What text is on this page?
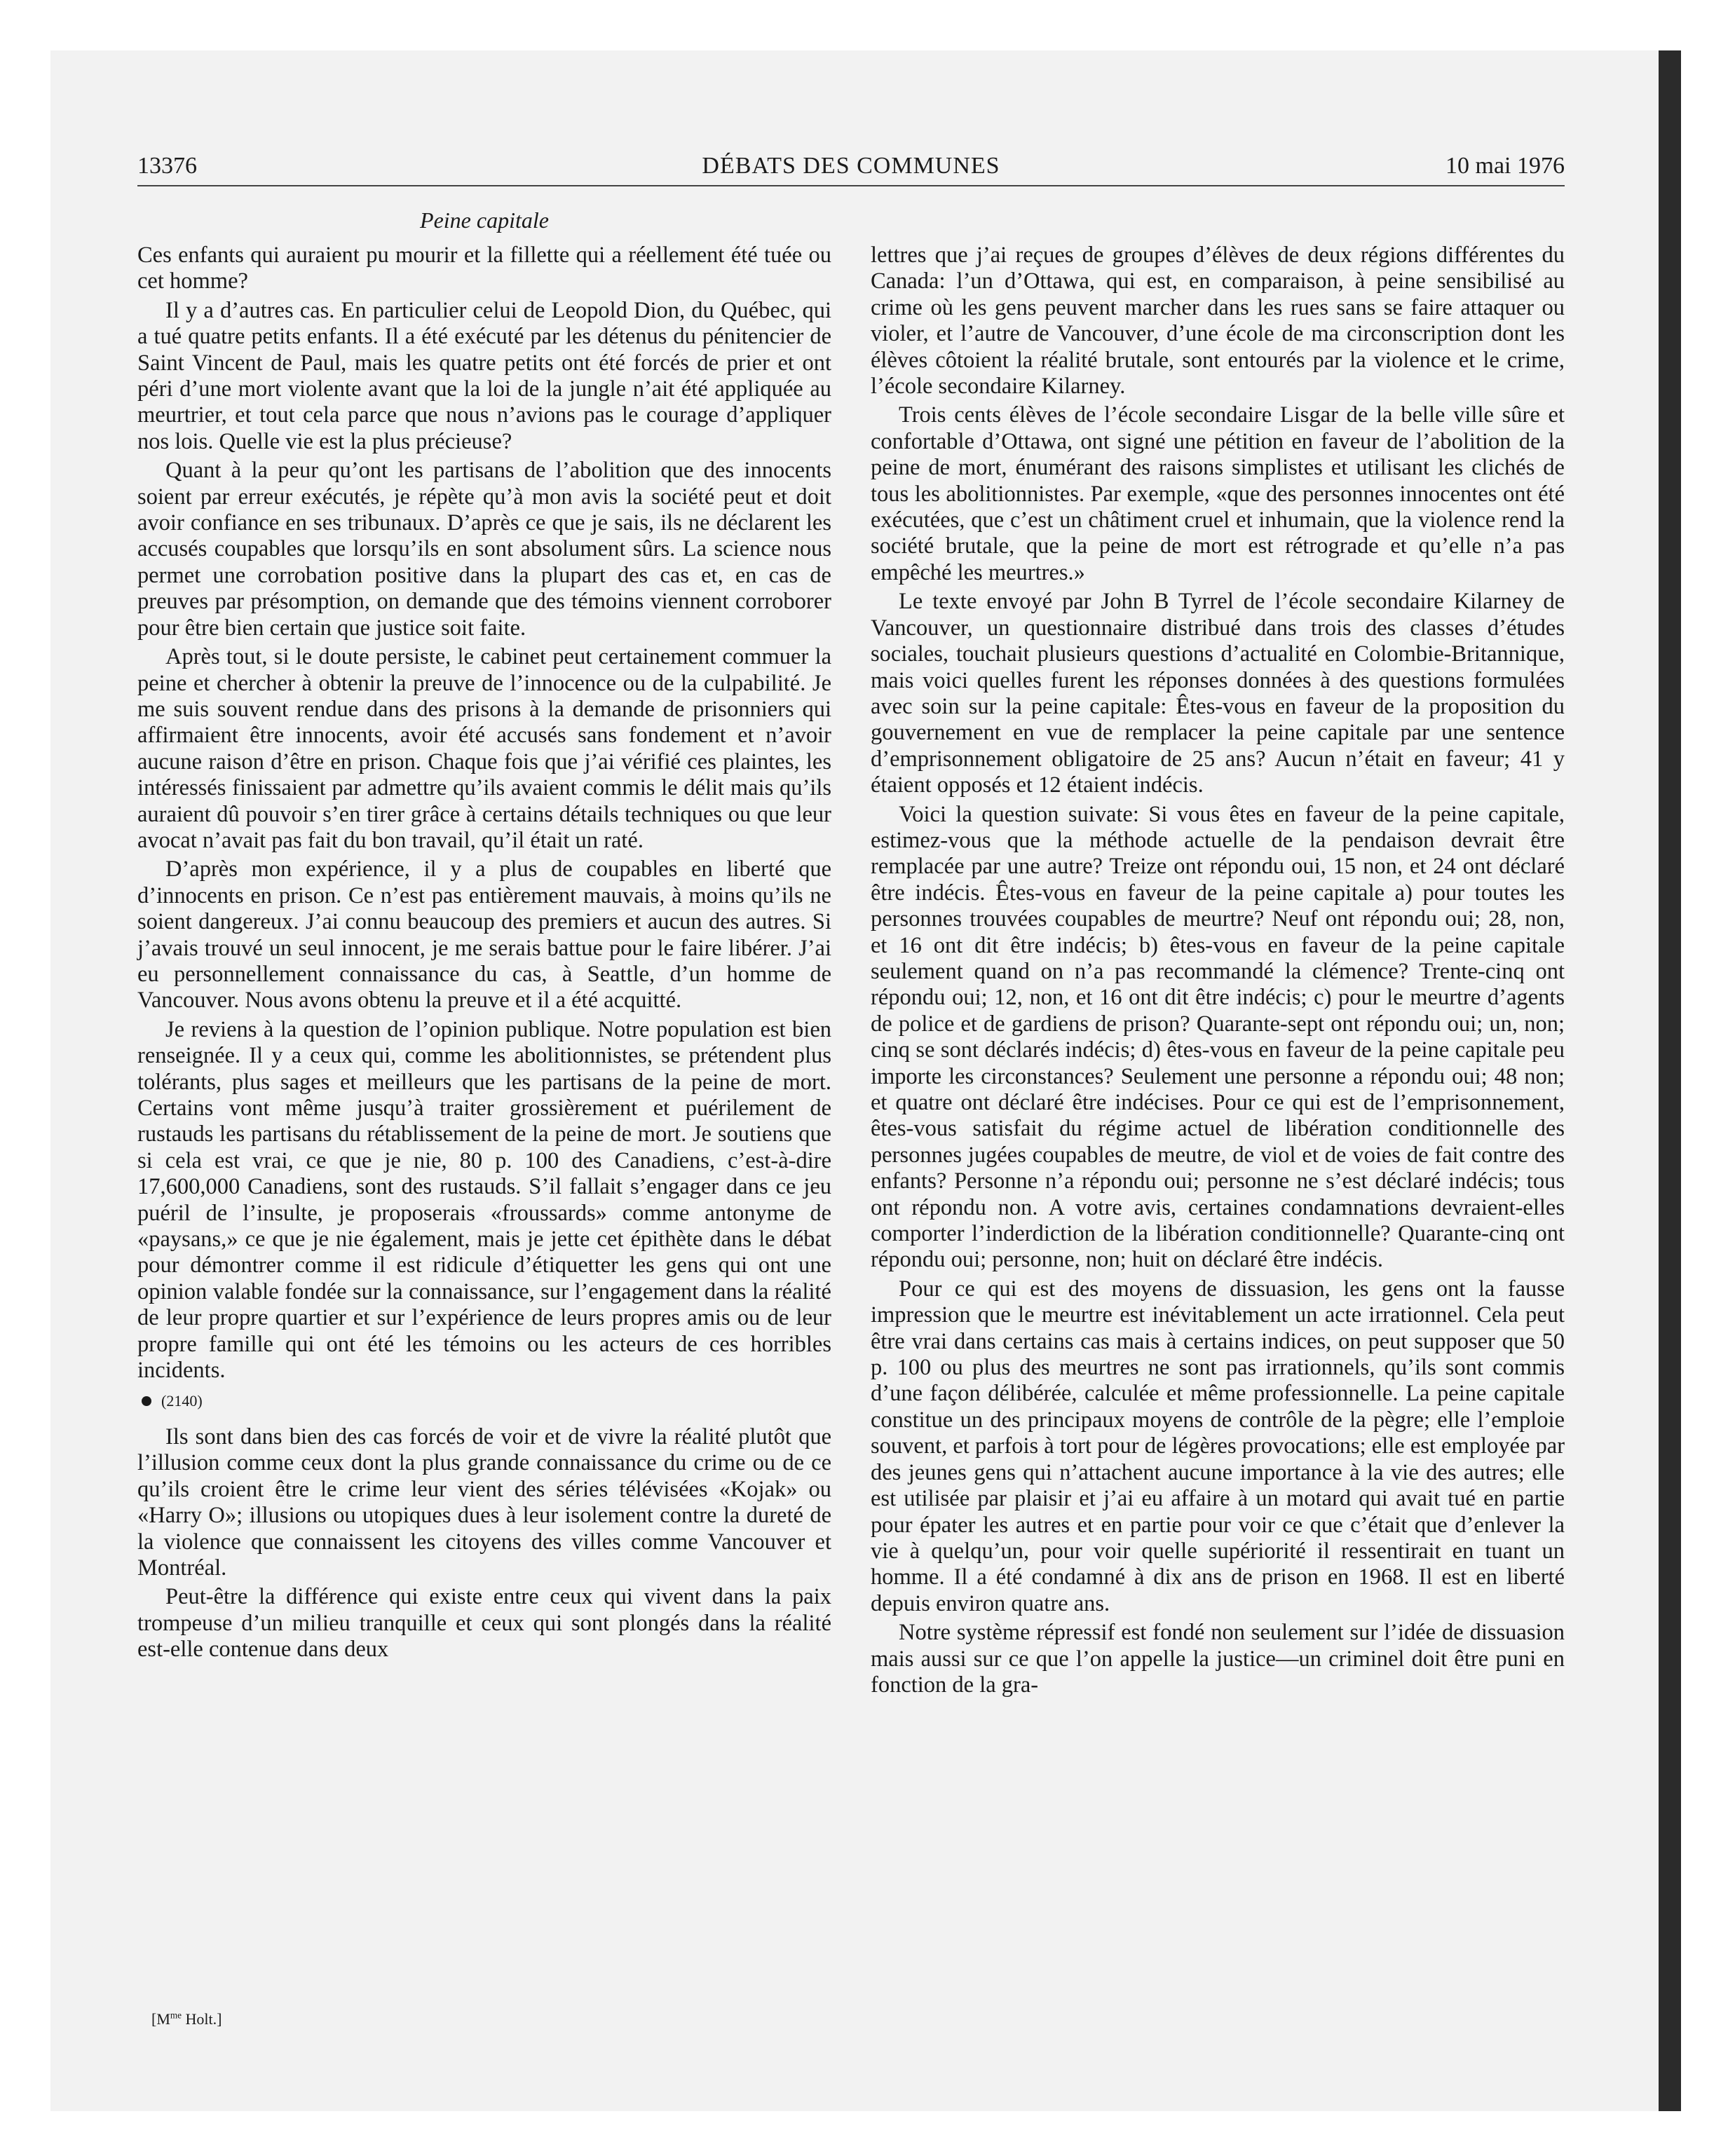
13376	DÉBATS DES COMMUNES	10 mai 1976
Peine capitale

Ces enfants qui auraient pu mourir et la fillette qui a réellement été tuée ou cet homme?

Il y a d’autres cas. En particulier celui de Leopold Dion, du Québec, qui a tué quatre petits enfants. Il a été exécuté par les détenus du pénitencier de Saint Vincent de Paul, mais les quatre petits ont été forcés de prier et ont péri d’une mort violente avant que la loi de la jungle n’ait été appliquée au meurtrier, et tout cela parce que nous n’avions pas le courage d’appliquer nos lois. Quelle vie est la plus précieuse?

Quant à la peur qu’ont les partisans de l’abolition que des innocents soient par erreur exécutés, je répète qu’à mon avis la société peut et doit avoir confiance en ses tribunaux. D’après ce que je sais, ils ne déclarent les accusés coupables que lorsqu’ils en sont absolument sûrs. La science nous permet une corrobation positive dans la plupart des cas et, en cas de preuves par présomption, on demande que des témoins viennent corroborer pour être bien certain que justice soit faite.

Après tout, si le doute persiste, le cabinet peut certainement commuer la peine et chercher à obtenir la preuve de l’innocence ou de la culpabilité. Je me suis souvent rendue dans des prisons à la demande de prisonniers qui affirmaient être innocents, avoir été accusés sans fondement et n’avoir aucune raison d’être en prison. Chaque fois que j’ai vérifié ces plaintes, les intéressés finissaient par admettre qu’ils avaient commis le délit mais qu’ils auraient dû pouvoir s’en tirer grâce à certains détails techniques ou que leur avocat n’avait pas fait du bon travail, qu’il était un raté.

D’après mon expérience, il y a plus de coupables en liberté que d’innocents en prison. Ce n’est pas entièrement mauvais, à moins qu’ils ne soient dangereux. J’ai connu beaucoup des premiers et aucun des autres. Si j’avais trouvé un seul innocent, je me serais battue pour le faire libérer. J’ai eu personnellement connaissance du cas, à Seattle, d’un homme de Vancouver. Nous avons obtenu la preuve et il a été acquitté.

Je reviens à la question de l’opinion publique. Notre population est bien renseignée. Il y a ceux qui, comme les abolitionnistes, se prétendent plus tolérants, plus sages et meilleurs que les partisans de la peine de mort. Certains vont même jusqu’à traiter grossièrement et puérilement de rustauds les partisans du rétablissement de la peine de mort. Je soutiens que si cela est vrai, ce que je nie, 80 p. 100 des Canadiens, c’est-à-dire 17,600,000 Canadiens, sont des rustauds. S’il fallait s’engager dans ce jeu puéril de l’insulte, je proposerais «froussards» comme antonyme de «paysans,» ce que je nie également, mais je jette cet épithète dans le débat pour démontrer comme il est ridicule d’étiquetter les gens qui ont une opinion valable fondée sur la connaissance, sur l’engagement dans la réalité de leur propre quartier et sur l’expérience de leurs propres amis ou de leur propre famille qui ont été les témoins ou les acteurs de ces horribles incidents.

(2140)

Ils sont dans bien des cas forcés de voir et de vivre la réalité plutôt que l’illusion comme ceux dont la plus grande connaissance du crime ou de ce qu’ils croient être le crime leur vient des séries télévisées «Kojak» ou «Harry O»; illusions ou utopiques dues à leur isolement contre la dureté de la violence que connaissent les citoyens des villes comme Vancouver et Montréal.

Peut-être la différence qui existe entre ceux qui vivent dans la paix trompeuse d’un milieu tranquille et ceux qui sont plongés dans la réalité est-elle contenue dans deux

[$M^{me}$ Holt.]

lettres que j’ai reçues de groupes d’élèves de deux régions différentes du Canada: l’un d’Ottawa, qui est, en comparaison, à peine sensibilisé au crime où les gens peuvent marcher dans les rues sans se faire attaquer ou violer, et l’autre de Vancouver, d’une école de ma circonscription dont les élèves côtoient la réalité brutale, sont entourés par la violence et le crime, l’école secondaire Kilarney.

Trois cents élèves de l’école secondaire Lisgar de la belle ville sûre et confortable d’Ottawa, ont signé une pétition en faveur de l’abolition de la peine de mort, énumérant des raisons simplistes et utilisant les clichés de tous les abolitionnistes. Par exemple, «que des personnes innocentes ont été exécutées, que c’est un châtiment cruel et inhumain, que la violence rend la société brutale, que la peine de mort est rétrograde et qu’elle n’a pas empêché les meurtres.»

Le texte envoyé par John B Tyrrel de l’école secondaire Kilarney de Vancouver, un questionnaire distribué dans trois des classes d’études sociales, touchait plusieurs questions d’actualité en Colombie-Britannique, mais voici quelles furent les réponses données à des questions formulées avec soin sur la peine capitale: Êtes-vous en faveur de la proposition du gouvernement en vue de remplacer la peine capitale par une sentence d’emprisonnement obligatoire de 25 ans? Aucun n’était en faveur; 41 y étaient opposés et 12 étaient indécis.

Voici la question suivate: Si vous êtes en faveur de la peine capitale, estimez-vous que la méthode actuelle de la pendaison devrait être remplacée par une autre? Treize ont répondu oui, 15 non, et 24 ont déclaré être indécis. Êtes-vous en faveur de la peine capitale a) pour toutes les personnes trouvées coupables de meurtre? Neuf ont répondu oui; 28, non, et 16 ont dit être indécis; b) êtes-vous en faveur de la peine capitale seulement quand on n’a pas recommandé la clémence? Trente-cinq ont répondu oui; 12, non, et 16 ont dit être indécis; c) pour le meurtre d’agents de police et de gardiens de prison? Quarante-sept ont répondu oui; un, non; cinq se sont déclarés indécis; d) êtes-vous en faveur de la peine capitale peu importe les circonstances? Seulement une personne a répondu oui; 48 non; et quatre ont déclaré être indécises. Pour ce qui est de l’emprisonnement, êtes-vous satisfait du régime actuel de libération conditionnelle des personnes jugées coupables de meutre, de viol et de voies de fait contre des enfants? Personne n’a répondu oui; personne ne s’est déclaré indécis; tous ont répondu non. A votre avis, certaines condamnations devraient-elles comporter l’inderdiction de la libération conditionnelle? Quarante-cinq ont répondu oui; personne, non; huit on déclaré être indécis.

Pour ce qui est des moyens de dissuasion, les gens ont la fausse impression que le meurtre est inévitablement un acte irrationnel. Cela peut être vrai dans certains cas mais à certains indices, on peut supposer que 50 p. 100 ou plus des meurtres ne sont pas irrationnels, qu’ils sont commis d’une façon délibérée, calculée et même professionnelle. La peine capitale constitue un des principaux moyens de contrôle de la pègre; elle l’emploie souvent, et parfois à tort pour de légères provocations; elle est employée par des jeunes gens qui n’attachent aucune importance à la vie des autres; elle est utilisée par plaisir et j’ai eu affaire à un motard qui avait tué en partie pour épater les autres et en partie pour voir ce que c’était que d’enlever la vie à quelqu’un, pour voir quelle supériorité il ressentirait en tuant un homme. Il a été condamné à dix ans de prison en 1968. Il est en liberté depuis environ quatre ans.

Notre système répressif est fondé non seulement sur l’idée de dissuasion mais aussi sur ce que l’on appelle la justice—un criminel doit être puni en fonction de la gra-
